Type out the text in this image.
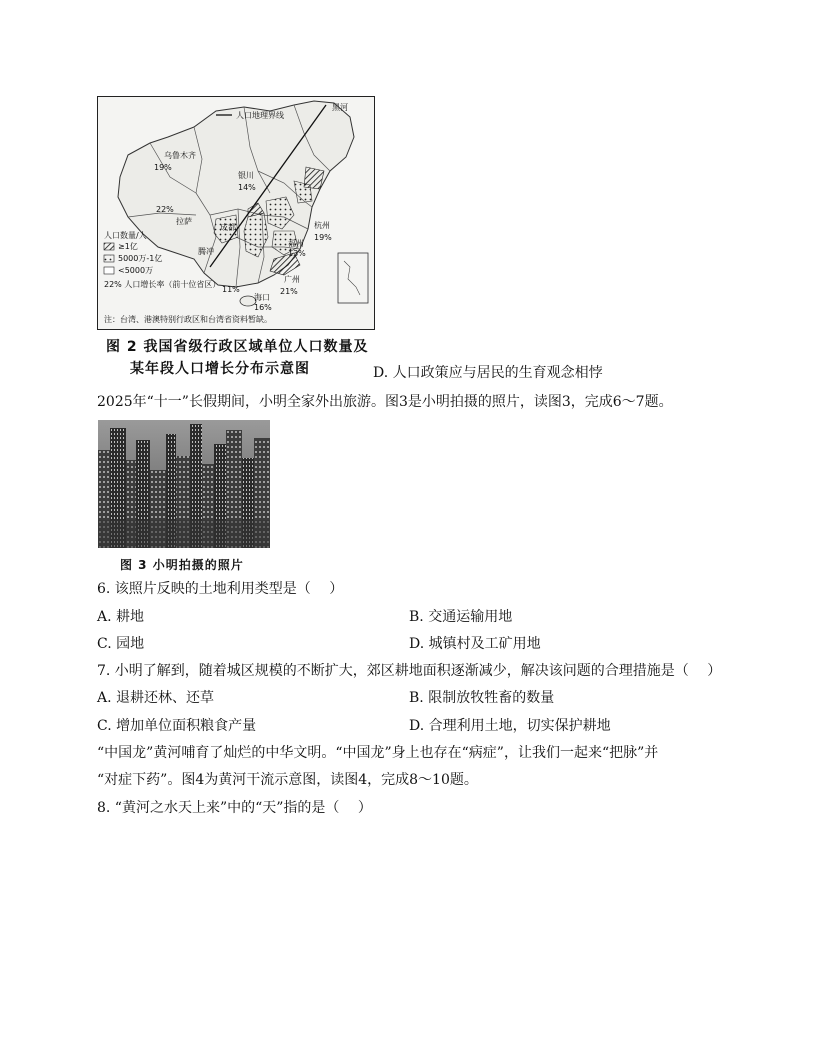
人口地理界线
黑河
乌鲁木齐
19%
银川
14%
22%
拉萨
成都
腾冲
杭州
19%
福州
13%
广州
21%
11%
海口
16%
人口数量/人
≥1亿
5000万-1亿
<5000万
22% 人口增长率（前十位省区）
注：台湾、港澳特别行政区和台湾省资料暂缺。
图 2 我国省级行政区域单位人口数量及
某年段人口增长分布示意图	D. 人口政策应与居民的生育观念相悖
2025年“十一”长假期间，小明全家外出旅游。图3是小明拍摄的照片，读图3，完成6～7题。
图 3 小明拍摄的照片
6. 该照片反映的土地利用类型是（　 ）
A. 耕地	B. 交通运输用地
C. 园地	D. 城镇村及工矿用地
7. 小明了解到，随着城区规模的不断扩大，郊区耕地面积逐渐减少，解决该问题的合理措施是（　 ）
A. 退耕还林、还草	B. 限制放牧牲畜的数量
C. 增加单位面积粮食产量	D. 合理利用土地，切实保护耕地
“中国龙”黄河哺育了灿烂的中华文明。“中国龙”身上也存在“病症”，让我们一起来“把脉”并
“对症下药”。图4为黄河干流示意图，读图4，完成8～10题。
8. “黄河之水天上来”中的“天”指的是（　 ）
